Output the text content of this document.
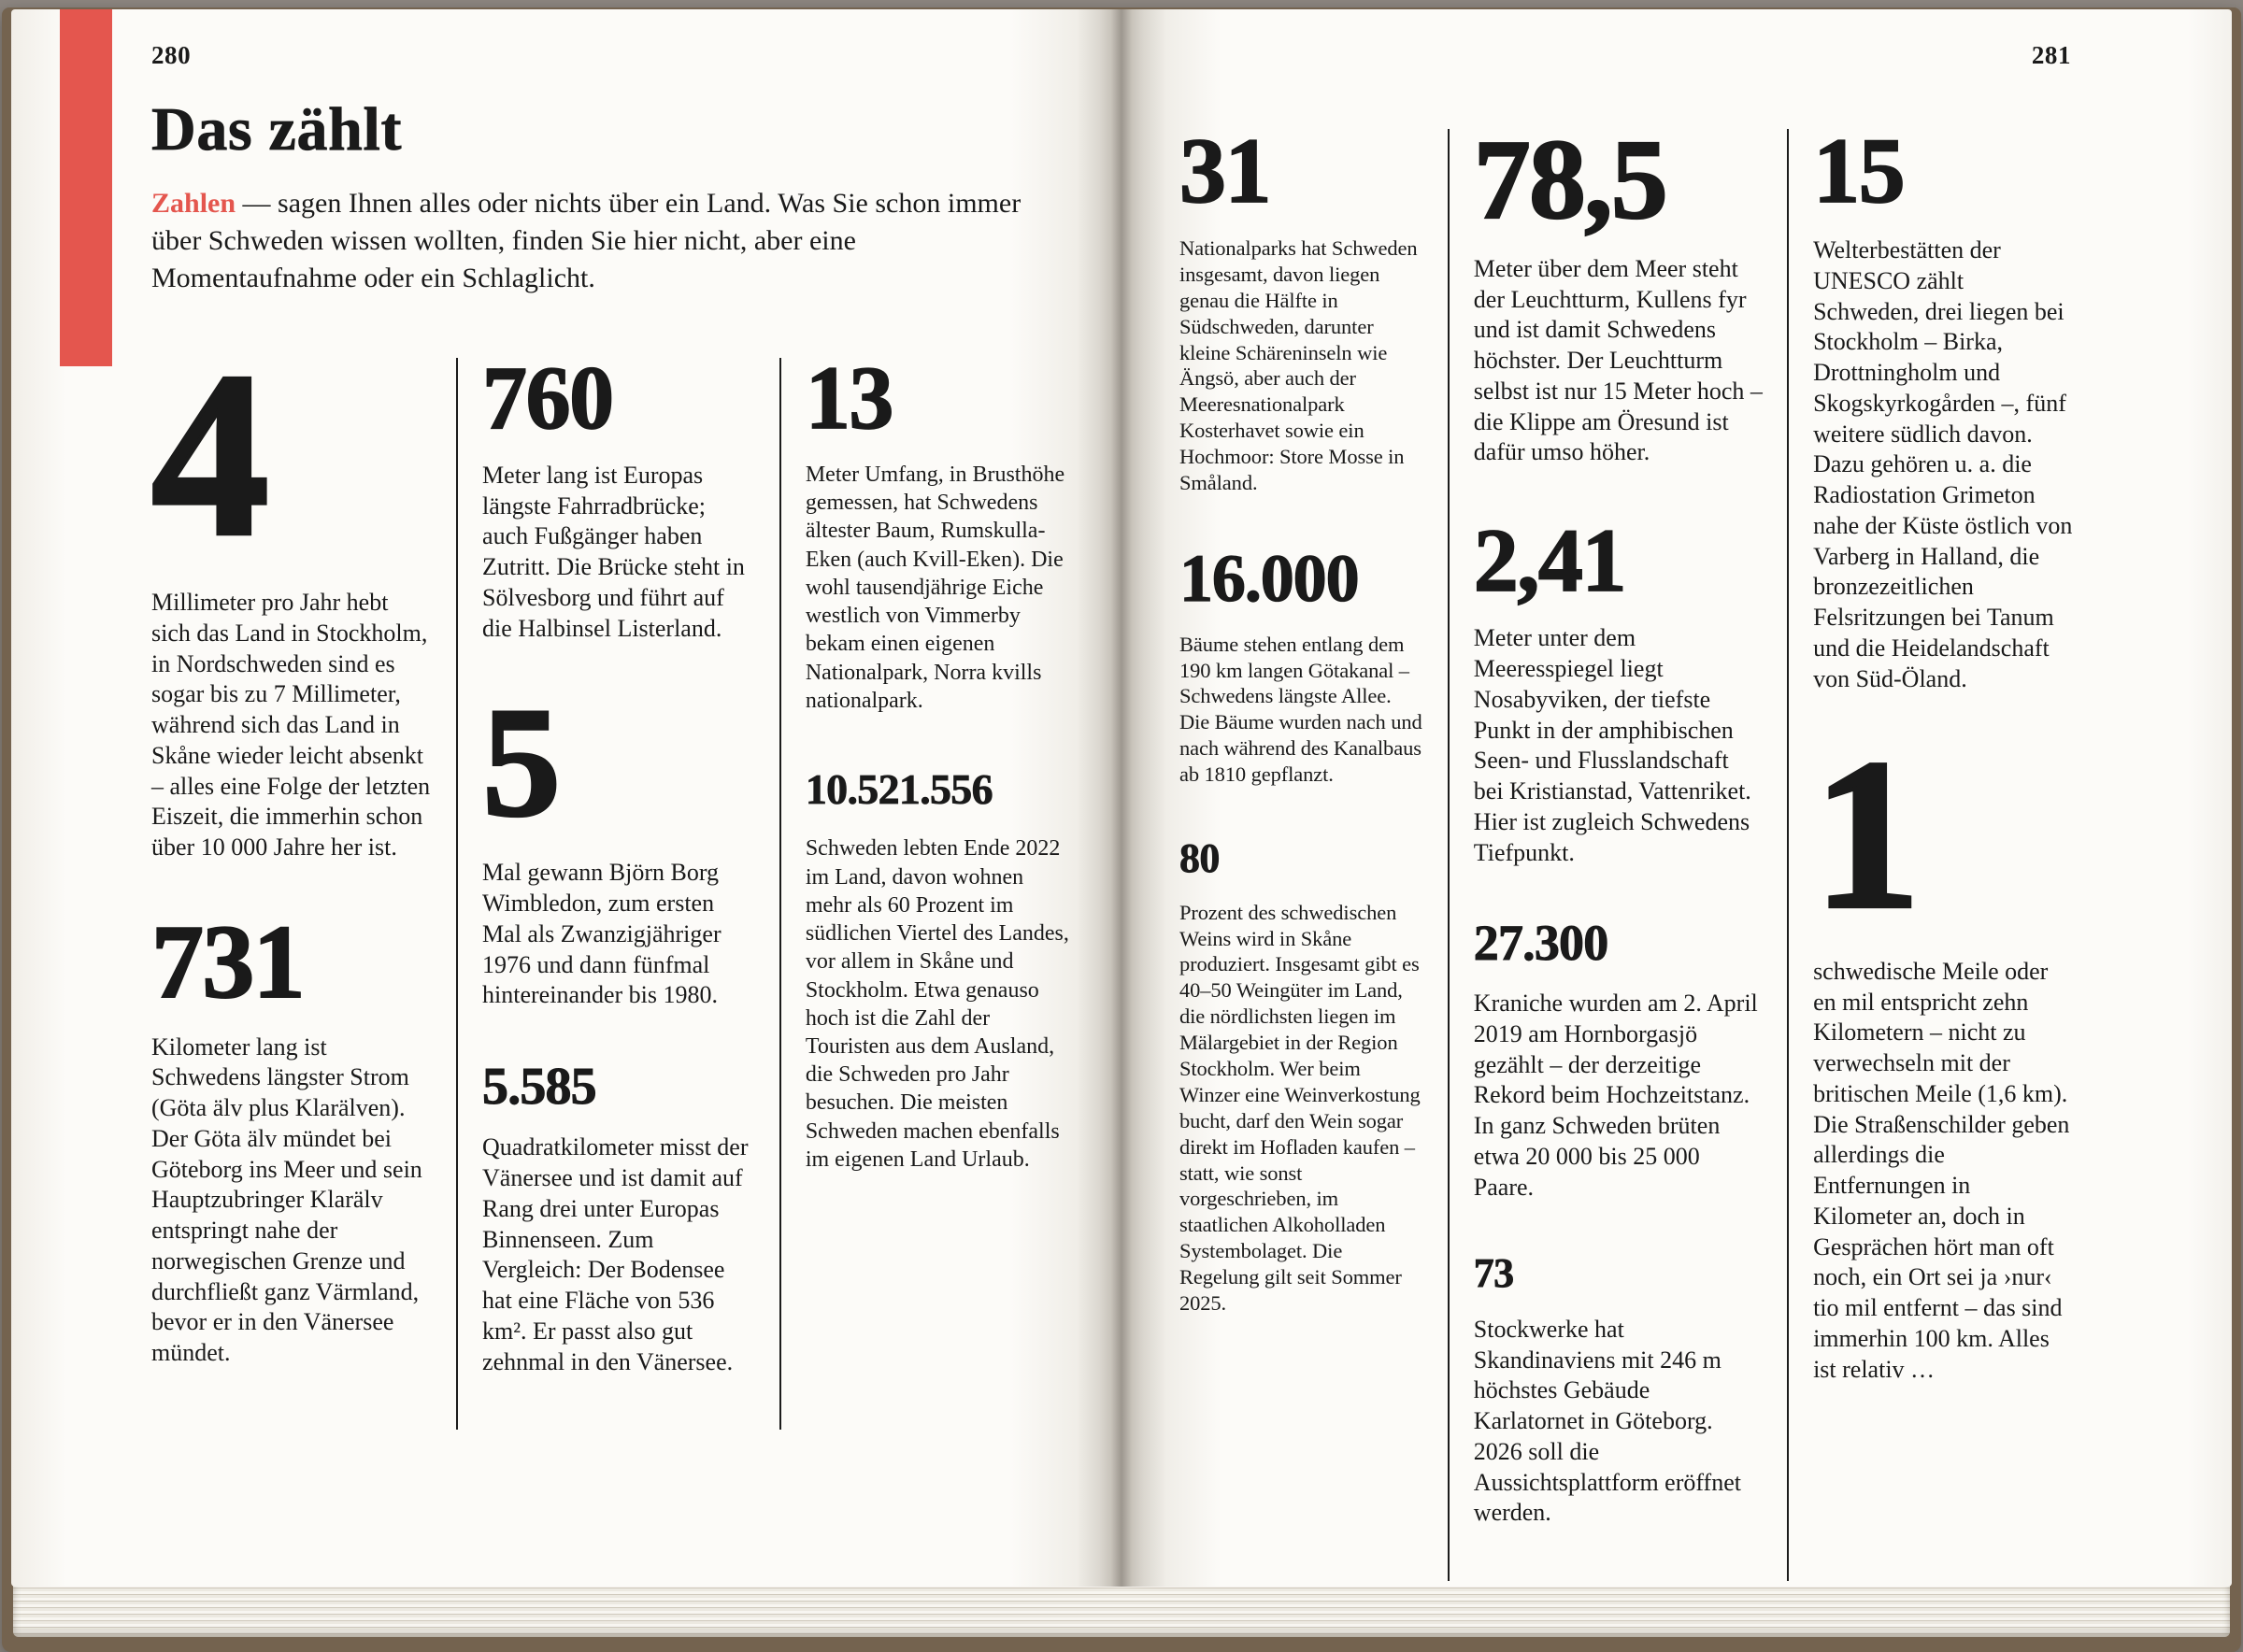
280
Das zählt

Zahlen — sagen Ihnen alles oder nichts über ein Land. Was Sie schon immer über Schweden wissen wollten, finden Sie hier nicht, aber eine Momentaufnahme oder ein Schlaglicht.

4
Millimeter pro Jahr hebt sich das Land in Stockholm, in Nordschweden sind es sogar bis zu 7 Millimeter, während sich das Land in Skåne wieder leicht absenkt – alles eine Folge der letzten Eiszeit, die immerhin schon über 10 000 Jahre her ist.
731
Kilometer lang ist Schwedens längster Strom (Göta älv plus Klarälven). Der Göta älv mündet bei Göteborg ins Meer und sein Hauptzubringer Klarälv entspringt nahe der norwegischen Grenze und durchfließt ganz Värmland, bevor er in den Vänersee mündet.
760
Meter lang ist Europas längste Fahrradbrücke; auch Fußgänger haben Zutritt. Die Brücke steht in Sölvesborg und führt auf die Halbinsel Listerland.
5
Mal gewann Björn Borg Wimbledon, zum ersten Mal als Zwanzigjähriger 1976 und dann fünfmal hintereinander bis 1980.
5.585
Quadratkilometer misst der Vänersee und ist damit auf Rang drei unter Europas Binnenseen. Zum Vergleich: Der Bodensee hat eine Fläche von 536 km². Er passt also gut zehnmal in den Vänersee.
13
Meter Umfang, in Brusthöhe gemessen, hat Schwedens ältester Baum, Rumskulla-Eken (auch Kvill-Eken). Die wohl tausendjährige Eiche westlich von Vimmerby bekam einen eigenen Nationalpark, Norra kvills nationalpark.
10.521.556
Schweden lebten Ende 2022 im Land, davon wohnen mehr als 60 Prozent im südlichen Viertel des Landes, vor allem in Skåne und Stockholm. Etwa genauso hoch ist die Zahl der Touristen aus dem Ausland, die Schweden pro Jahr besuchen. Die meisten Schweden machen ebenfalls im eigenen Land Urlaub.
281
31
Nationalparks hat Schweden insgesamt, davon liegen genau die Hälfte in Südschweden, darunter kleine Schäreninseln wie Ängsö, aber auch der Meeresnationalpark Kosterhavet sowie ein Hochmoor: Store Mosse in Småland.
16.000
Bäume stehen entlang dem 190 km langen Götakanal – Schwedens längste Allee. Die Bäume wurden nach und nach während des Kanalbaus ab 1810 gepflanzt.
80
Prozent des schwedischen Weins wird in Skåne produziert. Insgesamt gibt es 40–50 Weingüter im Land, die nördlichsten liegen im Mälargebiet in der Region Stockholm. Wer beim Winzer eine Weinverkostung bucht, darf den Wein sogar direkt im Hofladen kaufen – statt, wie sonst vorgeschrieben, im staatlichen Alkoholladen Systembolaget. Die Regelung gilt seit Sommer 2025.
78,5
Meter über dem Meer steht der Leuchtturm, Kullens fyr und ist damit Schwedens höchster. Der Leuchtturm selbst ist nur 15 Meter hoch – die Klippe am Öresund ist dafür umso höher.
2,41
Meter unter dem Meeresspiegel liegt Nosabyviken, der tiefste Punkt in der amphibischen Seen- und Flusslandschaft bei Kristianstad, Vattenriket. Hier ist zugleich Schwedens Tiefpunkt.
27.300
Kraniche wurden am 2. April 2019 am Hornborgasjö gezählt – der derzeitige Rekord beim Hochzeitstanz. In ganz Schweden brüten etwa 20 000 bis 25 000 Paare.
73
Stockwerke hat Skandinaviens mit 246 m höchstes Gebäude Karlatornet in Göteborg. 2026 soll die Aussichtsplattform eröffnet werden.
15
Welterbestätten der UNESCO zählt Schweden, drei liegen bei Stockholm – Birka, Drottningholm und Skogskyrkogården –, fünf weitere südlich davon. Dazu gehören u. a. die Radiostation Grimeton nahe der Küste östlich von Varberg in Halland, die bronzezeitlichen Felsritzungen bei Tanum und die Heidelandschaft von Süd-Öland.
1
schwedische Meile oder en mil entspricht zehn Kilometern – nicht zu verwechseln mit der britischen Meile (1,6 km). Die Straßenschilder geben allerdings die Entfernungen in Kilometer an, doch in Gesprächen hört man oft noch, ein Ort sei ja ›nur‹ tio mil entfernt – das sind immerhin 100 km. Alles ist relativ …
